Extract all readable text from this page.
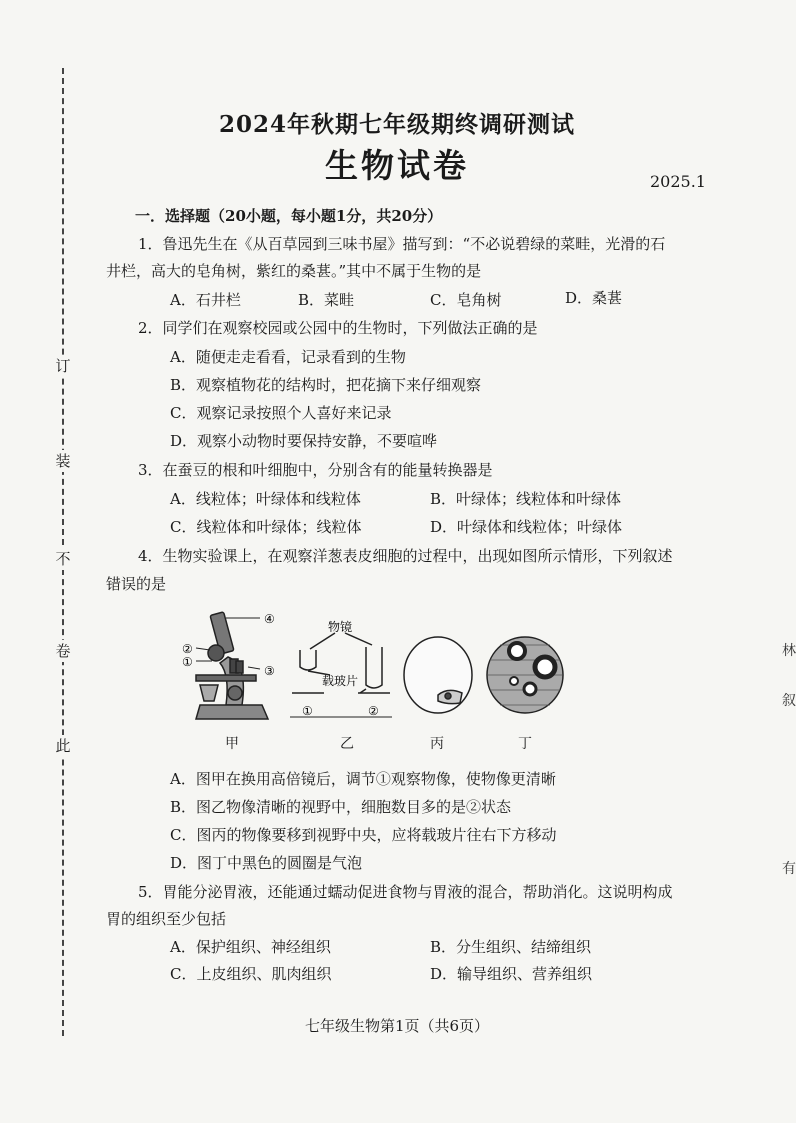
订
装
不
卷
此
林
叙
有
2024年秋期七年级期终调研测试
生物试卷	2025.1
一．选择题（20小题，每小题1分，共20分）
1．鲁迅先生在《从百草园到三味书屋》描写到：“不必说碧绿的菜畦，光滑的石
井栏，高大的皂角树，紫红的桑葚。”其中不属于生物的是
A．石井栏	B．菜畦	C．皂角树	D．桑葚
2．同学们在观察校园或公园中的生物时，下列做法正确的是
A．随便走走看看，记录看到的生物
B．观察植物花的结构时，把花摘下来仔细观察
C．观察记录按照个人喜好来记录
D．观察小动物时要保持安静，不要喧哗
3．在蚕豆的根和叶细胞中，分别含有的能量转换器是
A．线粒体；叶绿体和线粒体	B．叶绿体；线粒体和叶绿体
C．线粒体和叶绿体；线粒体	D．叶绿体和线粒体；叶绿体
4．生物实验课上，在观察洋葱表皮细胞的过程中，出现如图所示情形，下列叙述
错误的是
④
②
①
③
物镜
载玻片
①	②
甲	乙	丙	丁
A．图甲在换用高倍镜后，调节①观察物像，使物像更清晰
B．图乙物像清晰的视野中，细胞数目多的是②状态
C．图丙的物像要移到视野中央，应将载玻片往右下方移动
D．图丁中黑色的圆圈是气泡
5．胃能分泌胃液，还能通过蠕动促进食物与胃液的混合，帮助消化。这说明构成
胃的组织至少包括
A．保护组织、神经组织	B．分生组织、结缔组织
C．上皮组织、肌肉组织	D．输导组织、营养组织
七年级生物第1页（共6页）
